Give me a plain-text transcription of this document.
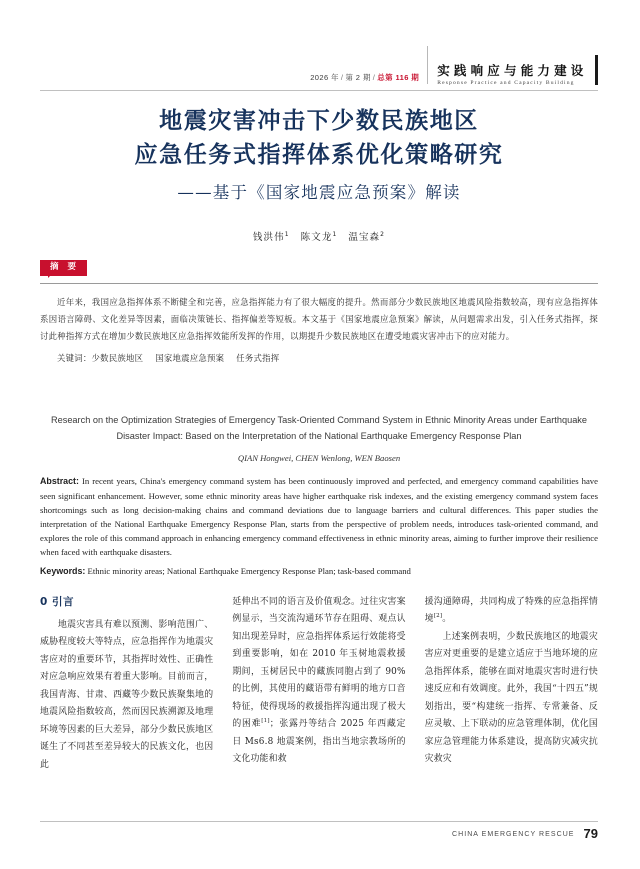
2026 年 / 第 2 期 / 总第 116 期	实践响应与能力建设
Response Practice and Capacity Building
地震灾害冲击下少数民族地区
应急任务式指挥体系优化策略研究
——基于《国家地震应急预案》解读
钱洪伟$^1$ 陈文龙$^1$ 温宝森$^2$
摘 要
近年来，我国应急指挥体系不断健全和完善，应急指挥能力有了很大幅度的提升。然而部分少数民族地区地震风险指数较高，现有应急指挥体系因语言障碍、文化差异等因素，面临决策链长、指挥偏差等短板。本文基于《国家地震应急预案》解读，从问题需求出发，引入任务式指挥，探讨此种指挥方式在增加少数民族地区应急指挥效能所发挥的作用，以期提升少数民族地区在遭受地震灾害冲击下的应对能力。
关键词：少数民族地区 国家地震应急预案 任务式指挥
Research on the Optimization Strategies of Emergency Task-Oriented Command System in Ethnic Minority Areas under Earthquake Disaster Impact: Based on the Interpretation of the National Earthquake Emergency Response Plan
QIAN Hongwei, CHEN Wenlong, WEN Baosen
Abstract: In recent years, China's emergency command system has been continuously improved and perfected, and emergency command capabilities have seen significant enhancement. However, some ethnic minority areas have higher earthquake risk indexes, and the existing emergency command system faces shortcomings such as long decision-making chains and command deviations due to language barriers and cultural differences. This paper studies the interpretation of the National Earthquake Emergency Response Plan, starts from the perspective of problem needs, introduces task-oriented command, and explores the role of this command approach in enhancing emergency command effectiveness in ethnic minority areas, aiming to further improve their resilience when faced with earthquake disasters.
Keywords: Ethnic minority areas; National Earthquake Emergency Response Plan; task-based command
0 引言
地震灾害具有难以预测、影响范围广、威胁程度较大等特点，应急指挥作为地震灾害应对的重要环节，其指挥时效性、正确性对应急响应效果有着重大影响。目前而言，我国青海、甘肃、西藏等少数民族聚集地的地震风险指数较高，然而因民族溯源及地理环境等因素的巨大差异，部分少数民族地区诞生了不同甚至差异较大的民族文化，也因此
延伸出不同的语言及价值观念。过往灾害案例显示，当交流沟通环节存在阻碍、观点认知出现差异时，应急指挥体系运行效能将受到重要影响，如在 2010 年玉树地震救援期间，玉树居民中的藏族同胞占到了 90% 的比例，其使用的藏语带有鲜明的地方口音特征，使得现场的救援指挥沟通出现了极大的困难[1]；张露丹等结合 2025 年西藏定日 Ms6.8 地震案例，指出当地宗教场所的文化功能和救
援沟通障碍，共同构成了特殊的应急指挥情境[2]。
上述案例表明，少数民族地区的地震灾害应对更重要的是建立适应于当地环境的应急指挥体系，能够在面对地震灾害时进行快速反应和有效调度。此外，我国“十四五”规划指出，要“构建统一指挥、专常兼备、反应灵敏、上下联动的应急管理体制，优化国家应急管理能力体系建设，提高防灾减灾抗灾救灾
CHINA EMERGENCY RESCUE 79
